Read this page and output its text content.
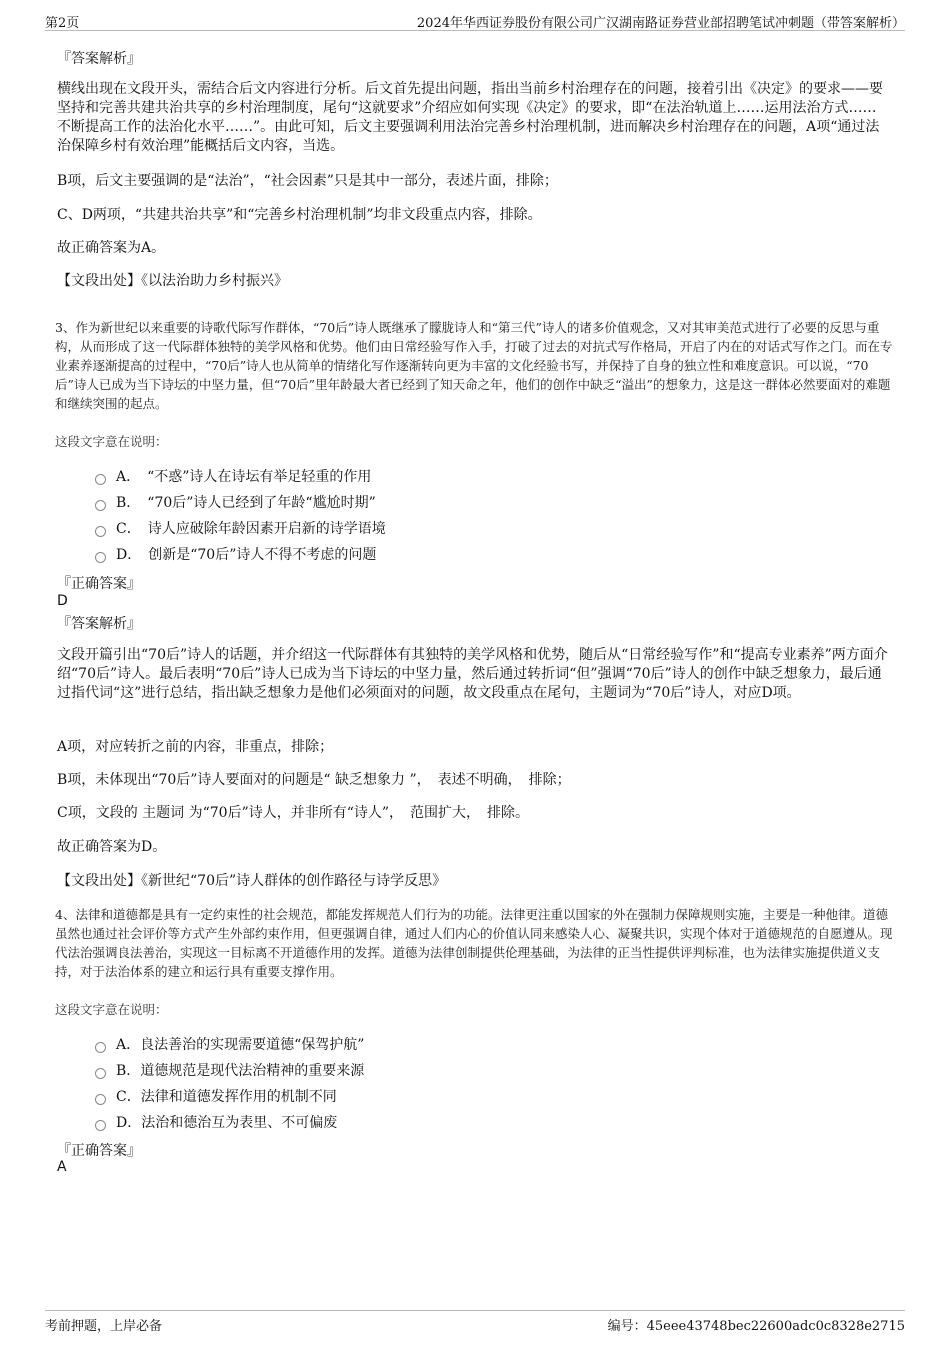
第2页	2024年华西证券股份有限公司广汉湖南路证券营业部招聘笔试冲刺题（带答案解析）
『答案解析』

横线出现在文段开头，需结合后文内容进行分析。后文首先提出问题，指出当前乡村治理存在的问题，接着引出《决定》的要求——要坚持和完善共建共治共享的乡村治理制度，尾句“这就要求”介绍应如何实现《决定》的要求，即“在法治轨道上……运用法治方式……不断提高工作的法治化水平……”。由此可知，后文主要强调利用法治完善乡村治理机制，进而解决乡村治理存在的问题，A项“通过法治保障乡村有效治理”能概括后文内容，当选。

B项，后文主要强调的是“法治”，“社会因素”只是其中一部分，表述片面，排除；
C、D两项，“共建共治共享”和“完善乡村治理机制”均非文段重点内容，排除。
故正确答案为A。
【文段出处】《以法治助力乡村振兴》

3、作为新世纪以来重要的诗歌代际写作群体，“70后”诗人既继承了朦胧诗人和“第三代”诗人的诸多价值观念，又对其审美范式进行了必要的反思与重构，从而形成了这一代际群体独特的美学风格和优势。他们由日常经验写作入手，打破了过去的对抗式写作格局，开启了内在的对话式写作之门。而在专业素养逐渐提高的过程中，“70后”诗人也从简单的情绪化写作逐渐转向更为丰富的文化经验书写，并保持了自身的独立性和难度意识。可以说，“70后”诗人已成为当下诗坛的中坚力量，但“70后”里年龄最大者已经到了知天命之年，他们的创作中缺乏“溢出”的想象力，这是这一群体必然要面对的难题和继续突围的起点。

这段文字意在说明：
A．　“不惑”诗人在诗坛有举足轻重的作用
B．　“70后”诗人已经到了年龄“尴尬时期”
C．　诗人应破除年龄因素开启新的诗学语境
D．　创新是“70后”诗人不得不考虑的问题
『正确答案』
D
『答案解析』

文段开篇引出“70后”诗人的话题，并介绍这一代际群体有其独特的美学风格和优势，随后从“日常经验写作”和“提高专业素养”两方面介绍“70后”诗人。最后表明“70后”诗人已成为当下诗坛的中坚力量，然后通过转折词“但”强调“70后”诗人的创作中缺乏想象力，最后通过指代词“这”进行总结，指出缺乏想象力是他们必须面对的问题，故文段重点在尾句，主题词为“70后”诗人，对应D项。

A项，对应转折之前的内容，非重点，排除；
B项，未体现出“70后”诗人要面对的问题是“ 缺乏想象力 ”，　表述不明确，　排除；
C项，文段的 主题词 为“70后”诗人，并非所有“诗人”，　范围扩大，　排除。
故正确答案为D。
【文段出处】《新世纪“70后”诗人群体的创作路径与诗学反思》

4、法律和道德都是具有一定约束性的社会规范，都能发挥规范人们行为的功能。法律更注重以国家的外在强制力保障规则实施，主要是一种他律。道德虽然也通过社会评价等方式产生外部约束作用，但更强调自律，通过人们内心的价值认同来感染人心、凝聚共识，实现个体对于道德规范的自愿遵从。现代法治强调良法善治，实现这一目标离不开道德作用的发挥。道德为法律创制提供伦理基础，为法律的正当性提供评判标准，也为法律实施提供道义支持，对于法治体系的建立和运行具有重要支撑作用。

这段文字意在说明：
A．良法善治的实现需要道德“保驾护航”
B．道德规范是现代法治精神的重要来源
C．法律和道德发挥作用的机制不同
D．法治和德治互为表里、不可偏废
『正确答案』
A
考前押题，上岸必备	编号：45eee43748bec22600adc0c8328e2715
